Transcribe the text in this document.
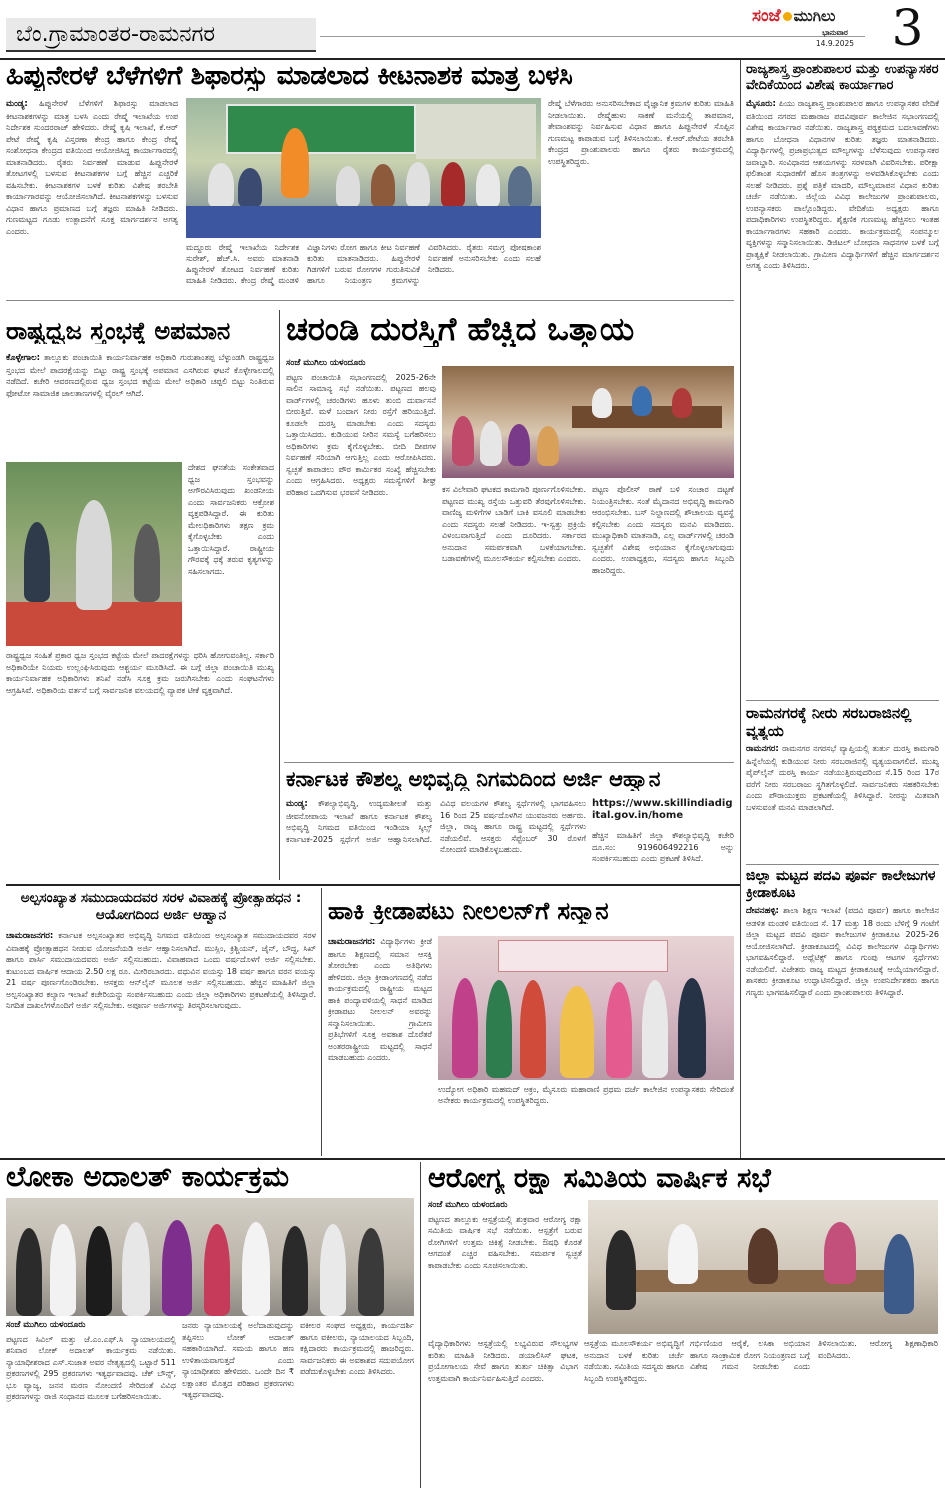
ಬೆಂ.ಗ್ರಾಮಾಂತರ-ರಾಮನಗರ
ಸಂಜೆ ಮುಗಿಲು
ಭಾನುವಾರ
14.9.2025 3
ಹಿಪ್ಪುನೇರಳೆ ಬೆಳೆಗಳಿಗೆ ಶಿಫಾರಸ್ಸು ಮಾಡಲಾದ ಕೀಟನಾಶಕ ಮಾತ್ರ ಬಳಸಿ
ಮಂಡ್ಯ: ಹಿಪ್ಪುನೇರಳೆ ಬೆಳೆಗಳಿಗೆ ಶಿಫಾರಸ್ಸು ಮಾಡಲಾದ ಕೀಟನಾಶಕಗಳನ್ನು ಮಾತ್ರ ಬಳಸಿ ಎಂದು ರೇಷ್ಮೆ ಇಲಾಖೆಯ ಉಪ ನಿರ್ದೇಶಕ ಸುಂದರರಾಜ್ ಹೇಳಿದರು. ರೇಷ್ಮೆ ಕೃಷಿ ಇಲಾಖೆ, ಕೆ.ಆರ್ ಪೇಟೆ ರೇಷ್ಮೆ ಕೃಷಿ ವಿಸ್ತರಣಾ ಕೇಂದ್ರ ಹಾಗೂ ಕೇಂದ್ರ ರೇಷ್ಮೆ ಸಂಶೋಧನಾ ಕೇಂದ್ರದ ವತಿಯಿಂದ ಆಯೋಜಿಸಿದ್ದ ಕಾರ್ಯಾಗಾರದಲ್ಲಿ ಮಾತನಾಡಿದರು. ರೈತರು ನಿರ್ವಹಣೆ ಮಾಡುವ ಹಿಪ್ಪುನೇರಳೆ ತೋಟಗಳಲ್ಲಿ ಬಳಸುವ ಕೀಟನಾಶಕಗಳ ಬಗ್ಗೆ ಹೆಚ್ಚಿನ ಎಚ್ಚರಿಕೆ ವಹಿಸಬೇಕು. ಕೀಟನಾಶಕಗಳ ಬಳಕೆ ಕುರಿತು ವಿಶೇಷ ತರಬೇತಿ ಕಾರ್ಯಾಗಾರವನ್ನು ಆಯೋಜಿಸಲಾಗಿದೆ. ಕೀಟನಾಶಕಗಳನ್ನು ಬಳಸುವ ವಿಧಾನ ಹಾಗೂ ಪ್ರಮಾಣದ ಬಗ್ಗೆ ತಜ್ಞರು ಮಾಹಿತಿ ನೀಡಿದರು. ಗುಣಮಟ್ಟದ ಗೂಡು ಉತ್ಪಾದನೆಗೆ ಸೂಕ್ತ ಮಾರ್ಗದರ್ಶನ ಅಗತ್ಯ ಎಂದರು.
ಮದ್ದೂರು ರೇಷ್ಮೆ ಇಲಾಖೆಯ ನಿರ್ದೇಶಕ ಸುರೇಶ್, ಹೆಚ್.ಸಿ. ಅವರು ಮಾತನಾಡಿ ಹಿಪ್ಪುನೇರಳೆ ತೋಟದ ನಿರ್ವಹಣೆ ಕುರಿತು ಮಾಹಿತಿ ನೀಡಿದರು. ಕೇಂದ್ರ ರೇಷ್ಮೆ ಮಂಡಳಿ ವಿಜ್ಞಾನಿಗಳು ರೋಗ ಹಾಗೂ ಕೀಟ ನಿರ್ವಹಣೆ ಕುರಿತು ಮಾತನಾಡಿದರು. ಹಿಪ್ಪುನೇರಳೆ ಗಿಡಗಳಿಗೆ ಬರುವ ರೋಗಗಳ ಗುರುತಿಸುವಿಕೆ ಹಾಗೂ ನಿಯಂತ್ರಣ ಕ್ರಮಗಳನ್ನು ವಿವರಿಸಿದರು. ರೈತರು ಸಮಗ್ರ ಪೋಷಕಾಂಶ ನಿರ್ವಹಣೆ ಅನುಸರಿಸಬೇಕು ಎಂದು ಸಲಹೆ ನೀಡಿದರು.
ರೇಷ್ಮೆ ಬೆಳೆಗಾರರು ಅನುಸರಿಸಬೇಕಾದ ವೈಜ್ಞಾನಿಕ ಕ್ರಮಗಳ ಕುರಿತು ಮಾಹಿತಿ ನೀಡಲಾಯಿತು. ರೇಷ್ಮೆಹುಳು ಸಾಕಣೆ ಮನೆಯಲ್ಲಿ ತಾಪಮಾನ, ತೇವಾಂಶವನ್ನು ನಿರ್ವಹಿಸುವ ವಿಧಾನ ಹಾಗೂ ಹಿಪ್ಪುನೇರಳೆ ಸೊಪ್ಪಿನ ಗುಣಮಟ್ಟ ಕಾಪಾಡುವ ಬಗ್ಗೆ ತಿಳಿಸಲಾಯಿತು. ಕೆ.ಆರ್.ಪೇಟೆಯ ತರಬೇತಿ ಕೇಂದ್ರದ ಪ್ರಾಂಶುಪಾಲರು ಹಾಗೂ ರೈತರು ಕಾರ್ಯಕ್ರಮದಲ್ಲಿ ಉಪಸ್ಥಿತರಿದ್ದರು.
ರಾಷ್ಟ್ರಧ್ವಜ ಸ್ತಂಭಕ್ಕೆ ಅಪಮಾನ
ಕೊಳ್ಳೇಗಾಲ: ತಾಲ್ಲೂಕು ಪಂಚಾಯಿತಿ ಕಾರ್ಯನಿರ್ವಾಹಕ ಅಧಿಕಾರಿ ಗುರುಶಾಂತಪ್ಪ ಬೆಳ್ಳುಂಡಗಿ ರಾಷ್ಟ್ರಧ್ವಜ ಸ್ತಂಭದ ಮೇಲೆ ಪಾದರಕ್ಷೆಯನ್ನು ಬಿಟ್ಟು ರಾಷ್ಟ್ರ ಸ್ತಂಭಕ್ಕೆ ಅಪಮಾನ ಎಸಗಿರುವ ಘಟನೆ ಕೊಳ್ಳೇಗಾಲದಲ್ಲಿ ನಡೆದಿದೆ. ಕಚೇರಿ ಆವರಣದಲ್ಲಿರುವ ಧ್ವಜ ಸ್ತಂಭದ ಕಟ್ಟೆಯ ಮೇಲೆ ಅಧಿಕಾರಿ ಚಪ್ಪಲಿ ಬಿಟ್ಟು ನಿಂತಿರುವ ಫೋಟೋ ಸಾಮಾಜಿಕ ಜಾಲತಾಣಗಳಲ್ಲಿ ವೈರಲ್ ಆಗಿದೆ.
ದೇಶದ ಘನತೆಯ ಸಂಕೇತವಾದ ಧ್ವಜ ಸ್ತಂಭವನ್ನು ಅಗೌರವಿಸಿರುವುದು ಖಂಡನೀಯ ಎಂದು ಸಾರ್ವಜನಿಕರು ಆಕ್ರೋಶ ವ್ಯಕ್ತಪಡಿಸಿದ್ದಾರೆ. ಈ ಕುರಿತು ಮೇಲಧಿಕಾರಿಗಳು ತಕ್ಷಣ ಕ್ರಮ ಕೈಗೊಳ್ಳಬೇಕು ಎಂದು ಒತ್ತಾಯಿಸಿದ್ದಾರೆ. ರಾಷ್ಟ್ರೀಯ ಗೌರವಕ್ಕೆ ಧಕ್ಕೆ ತರುವ ಕೃತ್ಯಗಳನ್ನು ಸಹಿಸಲಾಗದು.
ರಾಷ್ಟ್ರಧ್ವಜ ಸಂಹಿತೆ ಪ್ರಕಾರ ಧ್ವಜ ಸ್ತಂಭದ ಕಟ್ಟೆಯ ಮೇಲೆ ಪಾದರಕ್ಷೆಗಳನ್ನು ಧರಿಸಿ ಹೋಗುವಂತಿಲ್ಲ. ಸರ್ಕಾರಿ ಅಧಿಕಾರಿಯೇ ನಿಯಮ ಉಲ್ಲಂಘಿಸಿರುವುದು ಆಶ್ಚರ್ಯ ಮೂಡಿಸಿದೆ. ಈ ಬಗ್ಗೆ ಜಿಲ್ಲಾ ಪಂಚಾಯಿತಿ ಮುಖ್ಯ ಕಾರ್ಯನಿರ್ವಾಹಕ ಅಧಿಕಾರಿಗಳು ತನಿಖೆ ನಡೆಸಿ ಸೂಕ್ತ ಕ್ರಮ ಜರುಗಿಸಬೇಕು ಎಂದು ಸಂಘಟನೆಗಳು ಆಗ್ರಹಿಸಿವೆ. ಅಧಿಕಾರಿಯ ವರ್ತನೆ ಬಗ್ಗೆ ಸಾರ್ವಜನಿಕ ವಲಯದಲ್ಲಿ ವ್ಯಾಪಕ ಟೀಕೆ ವ್ಯಕ್ತವಾಗಿದೆ.
ಚರಂಡಿ ದುರಸ್ತಿಗೆ ಹೆಚ್ಚಿದ ಒತ್ತಾಯ
ಸಂಜೆ ಮುಗಿಲು ಯಳಂದೂರು
ಪಟ್ಟಣ ಪಂಚಾಯಿತಿ ಸಭಾಂಗಣದಲ್ಲಿ 2025-26ನೇ ಸಾಲಿನ ಸಾಮಾನ್ಯ ಸಭೆ ನಡೆಯಿತು. ಪಟ್ಟಣದ ಹಲವು ವಾರ್ಡ್‌ಗಳಲ್ಲಿ ಚರಂಡಿಗಳು ಹೂಳು ತುಂಬಿ ದುರ್ವಾಸನೆ ಬೀರುತ್ತಿವೆ. ಮಳೆ ಬಂದಾಗ ನೀರು ರಸ್ತೆಗೆ ಹರಿಯುತ್ತಿದೆ. ಕೂಡಲೇ ದುರಸ್ತಿ ಮಾಡಬೇಕು ಎಂದು ಸದಸ್ಯರು ಒತ್ತಾಯಿಸಿದರು. ಕುಡಿಯುವ ನೀರಿನ ಸಮಸ್ಯೆ ಬಗೆಹರಿಸಲು ಅಧಿಕಾರಿಗಳು ಕ್ರಮ ಕೈಗೊಳ್ಳಬೇಕು. ಬೀದಿ ದೀಪಗಳ ನಿರ್ವಹಣೆ ಸರಿಯಾಗಿ ಆಗುತ್ತಿಲ್ಲ ಎಂದು ಆರೋಪಿಸಿದರು. ಸ್ವಚ್ಛತೆ ಕಾಪಾಡಲು ಪೌರ ಕಾರ್ಮಿಕರ ಸಂಖ್ಯೆ ಹೆಚ್ಚಿಸಬೇಕು ಎಂದು ಆಗ್ರಹಿಸಿದರು. ಅಧ್ಯಕ್ಷರು ಸಮಸ್ಯೆಗಳಿಗೆ ಶೀಘ್ರ ಪರಿಹಾರ ಒದಗಿಸುವ ಭರವಸೆ ನೀಡಿದರು.	ಕಸ ವಿಲೇವಾರಿ ಘಟಕದ ಕಾಮಗಾರಿ ಪೂರ್ಣಗೊಳಿಸಬೇಕು. ಪಟ್ಟಣದ ಮುಖ್ಯ ರಸ್ತೆಯ ಒತ್ತುವರಿ ತೆರವುಗೊಳಿಸಬೇಕು. ವಾಣಿಜ್ಯ ಮಳಿಗೆಗಳ ಬಾಡಿಗೆ ಬಾಕಿ ವಸೂಲಿ ಮಾಡಬೇಕು ಎಂದು ಸದಸ್ಯರು ಸಲಹೆ ನೀಡಿದರು. ಇ-ಸ್ವತ್ತು ಪ್ರಕ್ರಿಯೆ ವಿಳಂಬವಾಗುತ್ತಿದೆ ಎಂದು ದೂರಿದರು. ಸರ್ಕಾರದ ಅನುದಾನ ಸಮರ್ಪಕವಾಗಿ ಬಳಕೆಯಾಗಬೇಕು. ಬಡಾವಣೆಗಳಲ್ಲಿ ಮೂಲಸೌಕರ್ಯ ಕಲ್ಪಿಸಬೇಕು ಎಂದರು.
ಪಟ್ಟಣ ಪೊಲೀಸ್ ಠಾಣೆ ಬಳಿ ಸಂಚಾರ ದಟ್ಟಣೆ ನಿಯಂತ್ರಿಸಬೇಕು. ಸಂತೆ ಮೈದಾನದ ಅಭಿವೃದ್ಧಿ ಕಾಮಗಾರಿ ಆರಂಭಿಸಬೇಕು. ಬಸ್ ನಿಲ್ದಾಣದಲ್ಲಿ ಶೌಚಾಲಯ ವ್ಯವಸ್ಥೆ ಕಲ್ಪಿಸಬೇಕು ಎಂದು ಸದಸ್ಯರು ಮನವಿ ಮಾಡಿದರು. ಮುಖ್ಯಾಧಿಕಾರಿ ಮಾತನಾಡಿ, ಎಲ್ಲ ವಾರ್ಡ್‌ಗಳಲ್ಲಿ ಚರಂಡಿ ಸ್ವಚ್ಛತೆಗೆ ವಿಶೇಷ ಅಭಿಯಾನ ಕೈಗೊಳ್ಳಲಾಗುವುದು ಎಂದರು. ಉಪಾಧ್ಯಕ್ಷರು, ಸದಸ್ಯರು ಹಾಗೂ ಸಿಬ್ಬಂದಿ ಹಾಜರಿದ್ದರು.
ಕರ್ನಾಟಕ ಕೌಶಲ್ಯ ಅಭಿವೃದ್ಧಿ ನಿಗಮದಿಂದ ಅರ್ಜಿ ಆಹ್ವಾನ
ಮಂಡ್ಯ: ಕೌಶಲ್ಯಾಭಿವೃದ್ಧಿ, ಉದ್ಯಮಶೀಲತೆ ಮತ್ತು ಜೀವನೋಪಾಯ ಇಲಾಖೆ ಹಾಗೂ ಕರ್ನಾಟಕ ಕೌಶಲ್ಯ ಅಭಿವೃದ್ಧಿ ನಿಗಮದ ವತಿಯಿಂದ ಇಂಡಿಯಾ ಸ್ಕಿಲ್ಸ್ ಕರ್ನಾಟಕ-2025 ಸ್ಪರ್ಧೆಗೆ ಅರ್ಜಿ ಆಹ್ವಾನಿಸಲಾಗಿದೆ. ವಿವಿಧ ವಲಯಗಳ ಕೌಶಲ್ಯ ಸ್ಪರ್ಧೆಗಳಲ್ಲಿ ಭಾಗವಹಿಸಲು 16 ರಿಂದ 25 ವರ್ಷದೊಳಗಿನ ಯುವಜನರು ಅರ್ಹರು. ಜಿಲ್ಲಾ, ರಾಜ್ಯ ಹಾಗೂ ರಾಷ್ಟ್ರ ಮಟ್ಟದಲ್ಲಿ ಸ್ಪರ್ಧೆಗಳು ನಡೆಯಲಿವೆ. ಆಸಕ್ತರು ಸೆಪ್ಟೆಂಬರ್ 30 ರೊಳಗೆ ನೋಂದಣಿ ಮಾಡಿಕೊಳ್ಳಬಹುದು.
https://www.skillindiadigital.gov.in/home
ಹೆಚ್ಚಿನ ಮಾಹಿತಿಗೆ ಜಿಲ್ಲಾ ಕೌಶಲ್ಯಾಭಿವೃದ್ಧಿ ಕಚೇರಿ ದೂ.ಸಂ: 919606492216 ಅನ್ನು ಸಂಪರ್ಕಿಸಬಹುದು ಎಂದು ಪ್ರಕಟಣೆ ತಿಳಿಸಿದೆ.
ರಾಜ್ಯಶಾಸ್ತ್ರ ಪ್ರಾಂಶುಪಾಲರ ಮತ್ತು ಉಪನ್ಯಾಸಕರ ವೇದಿಕೆಯಿಂದ ವಿಶೇಷ ಕಾರ್ಯಾಗಾರ
ಮೈಸೂರು: ಪಿಯು ರಾಜ್ಯಶಾಸ್ತ್ರ ಪ್ರಾಂಶುಪಾಲರ ಹಾಗೂ ಉಪನ್ಯಾಸಕರ ವೇದಿಕೆ ವತಿಯಿಂದ ನಗರದ ಮಹಾರಾಜ ಪದವಿಪೂರ್ವ ಕಾಲೇಜಿನ ಸಭಾಂಗಣದಲ್ಲಿ ವಿಶೇಷ ಕಾರ್ಯಾಗಾರ ನಡೆಯಿತು. ರಾಜ್ಯಶಾಸ್ತ್ರ ಪಠ್ಯಕ್ರಮದ ಬದಲಾವಣೆಗಳು ಹಾಗೂ ಬೋಧನಾ ವಿಧಾನಗಳ ಕುರಿತು ತಜ್ಞರು ಮಾತನಾಡಿದರು. ವಿದ್ಯಾರ್ಥಿಗಳಲ್ಲಿ ಪ್ರಜಾಪ್ರಭುತ್ವದ ಮೌಲ್ಯಗಳನ್ನು ಬೆಳೆಸುವುದು ಉಪನ್ಯಾಸಕರ ಜವಾಬ್ದಾರಿ. ಸಂವಿಧಾನದ ಆಶಯಗಳನ್ನು ಸರಳವಾಗಿ ವಿವರಿಸಬೇಕು. ಪರೀಕ್ಷಾ ಫಲಿತಾಂಶ ಸುಧಾರಣೆಗೆ ಹೊಸ ತಂತ್ರಗಳನ್ನು ಅಳವಡಿಸಿಕೊಳ್ಳಬೇಕು ಎಂದು ಸಲಹೆ ನೀಡಿದರು. ಪ್ರಶ್ನೆ ಪತ್ರಿಕೆ ಮಾದರಿ, ಮೌಲ್ಯಮಾಪನ ವಿಧಾನ ಕುರಿತು ಚರ್ಚೆ ನಡೆಯಿತು. ಜಿಲ್ಲೆಯ ವಿವಿಧ ಕಾಲೇಜುಗಳ ಪ್ರಾಂಶುಪಾಲರು, ಉಪನ್ಯಾಸಕರು ಪಾಲ್ಗೊಂಡಿದ್ದರು. ವೇದಿಕೆಯ ಅಧ್ಯಕ್ಷರು ಹಾಗೂ ಪದಾಧಿಕಾರಿಗಳು ಉಪಸ್ಥಿತರಿದ್ದರು. ಶೈಕ್ಷಣಿಕ ಗುಣಮಟ್ಟ ಹೆಚ್ಚಿಸಲು ಇಂತಹ ಕಾರ್ಯಾಗಾರಗಳು ಸಹಕಾರಿ ಎಂದರು. ಕಾರ್ಯಕ್ರಮದಲ್ಲಿ ಸಂಪನ್ಮೂಲ ವ್ಯಕ್ತಿಗಳನ್ನು ಸನ್ಮಾನಿಸಲಾಯಿತು. ಡಿಜಿಟಲ್ ಬೋಧನಾ ಸಾಧನಗಳ ಬಳಕೆ ಬಗ್ಗೆ ಪ್ರಾತ್ಯಕ್ಷಿಕೆ ನೀಡಲಾಯಿತು. ಗ್ರಾಮೀಣ ವಿದ್ಯಾರ್ಥಿಗಳಿಗೆ ಹೆಚ್ಚಿನ ಮಾರ್ಗದರ್ಶನ ಅಗತ್ಯ ಎಂದು ತಿಳಿಸಿದರು.
ರಾಮನಗರಕ್ಕೆ ನೀರು ಸರಬರಾಜಿನಲ್ಲಿ ವ್ಯತ್ಯಯ
ರಾಮನಗರ: ರಾಮನಗರ ನಗರಸಭೆ ವ್ಯಾಪ್ತಿಯಲ್ಲಿ ತುರ್ತು ದುರಸ್ತಿ ಕಾಮಗಾರಿ ಹಿನ್ನೆಲೆಯಲ್ಲಿ ಕುಡಿಯುವ ನೀರು ಸರಬರಾಜಿನಲ್ಲಿ ವ್ಯತ್ಯಯವಾಗಲಿದೆ. ಮುಖ್ಯ ಪೈಪ್‌ಲೈನ್ ದುರಸ್ತಿ ಕಾರ್ಯ ನಡೆಯುತ್ತಿರುವುದರಿಂದ ಸೆ.15 ರಿಂದ 17ರ ವರೆಗೆ ನೀರು ಸರಬರಾಜು ಸ್ಥಗಿತಗೊಳ್ಳಲಿದೆ. ಸಾರ್ವಜನಿಕರು ಸಹಕರಿಸಬೇಕು ಎಂದು ಪೌರಾಯುಕ್ತರು ಪ್ರಕಟಣೆಯಲ್ಲಿ ತಿಳಿಸಿದ್ದಾರೆ. ನೀರನ್ನು ಮಿತವಾಗಿ ಬಳಸುವಂತೆ ಮನವಿ ಮಾಡಲಾಗಿದೆ.
ಜಿಲ್ಲಾ ಮಟ್ಟದ ಪದವಿ ಪೂರ್ವ ಕಾಲೇಜುಗಳ ಕ್ರೀಡಾಕೂಟ
ದೇವನಹಳ್ಳಿ: ಶಾಲಾ ಶಿಕ್ಷಣ ಇಲಾಖೆ (ಪದವಿ ಪೂರ್ವ) ಹಾಗೂ ಕಾಲೇಜಿನ ಆಡಳಿತ ಮಂಡಳಿ ವತಿಯಿಂದ ಸೆ. 17 ಮತ್ತು 18 ರಂದು ಬೆಳಿಗ್ಗೆ 9 ಗಂಟೆಗೆ ಜಿಲ್ಲಾ ಮಟ್ಟದ ಪದವಿ ಪೂರ್ವ ಕಾಲೇಜುಗಳ ಕ್ರೀಡಾಕೂಟ 2025-26 ಆಯೋಜಿಸಲಾಗಿದೆ. ಕ್ರೀಡಾಕೂಟದಲ್ಲಿ ವಿವಿಧ ಕಾಲೇಜುಗಳ ವಿದ್ಯಾರ್ಥಿಗಳು ಭಾಗವಹಿಸಲಿದ್ದಾರೆ. ಅಥ್ಲೆಟಿಕ್ಸ್ ಹಾಗೂ ಗುಂಪು ಆಟಗಳ ಸ್ಪರ್ಧೆಗಳು ನಡೆಯಲಿವೆ. ವಿಜೇತರು ರಾಜ್ಯ ಮಟ್ಟದ ಕ್ರೀಡಾಕೂಟಕ್ಕೆ ಆಯ್ಕೆಯಾಗಲಿದ್ದಾರೆ. ಶಾಸಕರು ಕ್ರೀಡಾಕೂಟ ಉದ್ಘಾಟಿಸಲಿದ್ದಾರೆ. ಜಿಲ್ಲಾ ಉಪನಿರ್ದೇಶಕರು ಹಾಗೂ ಗಣ್ಯರು ಭಾಗವಹಿಸಲಿದ್ದಾರೆ ಎಂದು ಪ್ರಾಂಶುಪಾಲರು ತಿಳಿಸಿದ್ದಾರೆ.
ಅಲ್ಪಸಂಖ್ಯಾತ ಸಮುದಾಯದವರ ಸರಳ ವಿವಾಹಕ್ಕೆ ಪ್ರೋತ್ಸಾಹಧನ : ಆಯೋಗದಿಂದ ಅರ್ಜಿ ಆಹ್ವಾನ
ಚಾಮರಾಜನಗರ: ಕರ್ನಾಟಕ ಅಲ್ಪಸಂಖ್ಯಾತರ ಅಭಿವೃದ್ಧಿ ನಿಗಮದ ವತಿಯಿಂದ ಅಲ್ಪಸಂಖ್ಯಾತ ಸಮುದಾಯದವರ ಸರಳ ವಿವಾಹಕ್ಕೆ ಪ್ರೋತ್ಸಾಹಧನ ನೀಡುವ ಯೋಜನೆಯಡಿ ಅರ್ಜಿ ಆಹ್ವಾನಿಸಲಾಗಿದೆ. ಮುಸ್ಲಿಂ, ಕ್ರಿಶ್ಚಿಯನ್, ಜೈನ್, ಬೌದ್ಧ, ಸಿಖ್ ಹಾಗೂ ಪಾರ್ಸಿ ಸಮುದಾಯದವರು ಅರ್ಜಿ ಸಲ್ಲಿಸಬಹುದು. ವಿವಾಹವಾದ ಒಂದು ವರ್ಷದೊಳಗೆ ಅರ್ಜಿ ಸಲ್ಲಿಸಬೇಕು. ಕುಟುಂಬದ ವಾರ್ಷಿಕ ಆದಾಯ 2.50 ಲಕ್ಷ ರೂ. ಮೀರಿರಬಾರದು. ವಧುವಿನ ವಯಸ್ಸು 18 ವರ್ಷ ಹಾಗೂ ವರನ ವಯಸ್ಸು 21 ವರ್ಷ ಪೂರ್ಣಗೊಂಡಿರಬೇಕು. ಆಸಕ್ತರು ಆನ್‌ಲೈನ್ ಮೂಲಕ ಅರ್ಜಿ ಸಲ್ಲಿಸಬಹುದು. ಹೆಚ್ಚಿನ ಮಾಹಿತಿಗೆ ಜಿಲ್ಲಾ ಅಲ್ಪಸಂಖ್ಯಾತರ ಕಲ್ಯಾಣ ಇಲಾಖೆ ಕಚೇರಿಯನ್ನು ಸಂಪರ್ಕಿಸಬಹುದು ಎಂದು ಜಿಲ್ಲಾ ಅಧಿಕಾರಿಗಳು ಪ್ರಕಟಣೆಯಲ್ಲಿ ತಿಳಿಸಿದ್ದಾರೆ. ನಿಗದಿತ ದಾಖಲೆಗಳೊಂದಿಗೆ ಅರ್ಜಿ ಸಲ್ಲಿಸಬೇಕು. ಅಪೂರ್ಣ ಅರ್ಜಿಗಳನ್ನು ತಿರಸ್ಕರಿಸಲಾಗುವುದು.
ಹಾಕಿ ಕ್ರೀಡಾಪಟು ನೀಲಲನ್‌ಗೆ ಸನ್ಮಾನ
ಚಾಮರಾಜನಗರ: ವಿದ್ಯಾರ್ಥಿಗಳು ಕ್ರೀಡೆ ಹಾಗೂ ಶಿಕ್ಷಣದಲ್ಲಿ ಸಮಾನ ಆಸಕ್ತಿ ತೋರಬೇಕು ಎಂದು ಅತಿಥಿಗಳು ಹೇಳಿದರು. ಜಿಲ್ಲಾ ಕ್ರೀಡಾಂಗಣದಲ್ಲಿ ನಡೆದ ಕಾರ್ಯಕ್ರಮದಲ್ಲಿ ರಾಷ್ಟ್ರೀಯ ಮಟ್ಟದ ಹಾಕಿ ಪಂದ್ಯಾವಳಿಯಲ್ಲಿ ಸಾಧನೆ ಮಾಡಿದ ಕ್ರೀಡಾಪಟು ನೀಲಲನ್ ಅವರನ್ನು ಸನ್ಮಾನಿಸಲಾಯಿತು. ಗ್ರಾಮೀಣ ಪ್ರತಿಭೆಗಳಿಗೆ ಸೂಕ್ತ ಅವಕಾಶ ದೊರೆತರೆ ಅಂತರರಾಷ್ಟ್ರೀಯ ಮಟ್ಟದಲ್ಲಿ ಸಾಧನೆ ಮಾಡಬಹುದು ಎಂದರು.
ಉದ್ಯೋಗ ಅಧಿಕಾರಿ ಮಹಮದ್ ಅಕ್ರಂ, ಮೈಸೂರು ಮಹಾರಾಣಿ ಪ್ರಥಮ ದರ್ಜೆ ಕಾಲೇಜಿನ ಉಪನ್ಯಾಸಕರು ಸೇರಿದಂತೆ ಅನೇಕರು ಕಾರ್ಯಕ್ರಮದಲ್ಲಿ ಉಪಸ್ಥಿತರಿದ್ದರು.
ಲೋಕಾ ಅದಾಲತ್ ಕಾರ್ಯಕ್ರಮ
ಸಂಜೆ ಮುಗಿಲು ಯಳಂದೂರು
ಪಟ್ಟಣದ ಸಿವಿಲ್ ಮತ್ತು ಜೆ.ಎಂ.ಎಫ್.ಸಿ ನ್ಯಾಯಾಲಯದಲ್ಲಿ ಶನಿವಾರ ಲೋಕ್ ಅದಾಲತ್ ಕಾರ್ಯಕ್ರಮ ನಡೆಯಿತು. ನ್ಯಾಯಾಧೀಶರಾದ ಎಸ್.ಸುಜಾತ ಅವರ ನೇತೃತ್ವದಲ್ಲಿ ಒಟ್ಟಾರೆ 511 ಪ್ರಕರಣಗಳಲ್ಲಿ 295 ಪ್ರಕರಣಗಳು ಇತ್ಯರ್ಥವಾದವು. ಚೆಕ್ ಬೌನ್ಸ್, ಭೂ ವ್ಯಾಜ್ಯ, ಜನನ ಮರಣ ನೋಂದಣಿ ಸೇರಿದಂತೆ ವಿವಿಧ ಪ್ರಕರಣಗಳನ್ನು ರಾಜಿ ಸಂಧಾನದ ಮೂಲಕ ಬಗೆಹರಿಸಲಾಯಿತು.
ಜನರು ನ್ಯಾಯಾಲಯಕ್ಕೆ ಅಲೆದಾಡುವುದನ್ನು ತಪ್ಪಿಸಲು ಲೋಕ್ ಅದಾಲತ್ ಸಹಕಾರಿಯಾಗಿದೆ. ಸಮಯ ಹಾಗೂ ಹಣ ಉಳಿತಾಯವಾಗುತ್ತದೆ ಎಂದು ನ್ಯಾಯಾಧೀಶರು ಹೇಳಿದರು. ಒಂದೇ ದಿನ ₹ ಲಕ್ಷಾಂತರ ಮೊತ್ತದ ಪರಿಹಾರ ಪ್ರಕರಣಗಳು ಇತ್ಯರ್ಥವಾದವು.
ವಕೀಲರ ಸಂಘದ ಅಧ್ಯಕ್ಷರು, ಕಾರ್ಯದರ್ಶಿ ಹಾಗೂ ವಕೀಲರು, ನ್ಯಾಯಾಲಯದ ಸಿಬ್ಬಂದಿ, ಕಕ್ಷಿದಾರರು ಕಾರ್ಯಕ್ರಮದಲ್ಲಿ ಹಾಜರಿದ್ದರು. ಸಾರ್ವಜನಿಕರು ಈ ಅವಕಾಶದ ಸದುಪಯೋಗ ಪಡೆದುಕೊಳ್ಳಬೇಕು ಎಂದು ತಿಳಿಸಿದರು.
ಆರೋಗ್ಯ ರಕ್ಷಾ ಸಮಿತಿಯ ವಾರ್ಷಿಕ ಸಭೆ
ಸಂಜೆ ಮುಗಿಲು ಯಳಂದೂರು
ಪಟ್ಟಣದ ತಾಲ್ಲೂಕು ಆಸ್ಪತ್ರೆಯಲ್ಲಿ ಶುಕ್ರವಾರ ಆರೋಗ್ಯ ರಕ್ಷಾ ಸಮಿತಿಯ ವಾರ್ಷಿಕ ಸಭೆ ನಡೆಯಿತು. ಆಸ್ಪತ್ರೆಗೆ ಬರುವ ರೋಗಿಗಳಿಗೆ ಉತ್ತಮ ಚಿಕಿತ್ಸೆ ನೀಡಬೇಕು. ಔಷಧಿ ಕೊರತೆ ಆಗದಂತೆ ಎಚ್ಚರ ವಹಿಸಬೇಕು. ಸಮರ್ಪಕ ಸ್ವಚ್ಛತೆ ಕಾಪಾಡಬೇಕು ಎಂದು ಸೂಚಿಸಲಾಯಿತು.
ವೈದ್ಯಾಧಿಕಾರಿಗಳು ಆಸ್ಪತ್ರೆಯಲ್ಲಿ ಲಭ್ಯವಿರುವ ಸೌಲಭ್ಯಗಳ ಕುರಿತು ಮಾಹಿತಿ ನೀಡಿದರು. ಡಯಾಲಿಸಿಸ್ ಘಟಕ, ಪ್ರಯೋಗಾಲಯ ಸೇವೆ ಹಾಗೂ ತುರ್ತು ಚಿಕಿತ್ಸಾ ವಿಭಾಗ ಉತ್ತಮವಾಗಿ ಕಾರ್ಯನಿರ್ವಹಿಸುತ್ತಿದೆ ಎಂದರು.
ಆಸ್ಪತ್ರೆಯ ಮೂಲಸೌಕರ್ಯ ಅಭಿವೃದ್ಧಿಗೆ ಅನುದಾನ ಬಳಕೆ ಕುರಿತು ಚರ್ಚೆ ನಡೆಯಿತು. ಸಮಿತಿಯ ಸದಸ್ಯರು ಹಾಗೂ ಸಿಬ್ಬಂದಿ ಉಪಸ್ಥಿತರಿದ್ದರು.
ಗರ್ಭಿಣಿಯರ ಆರೈಕೆ, ಲಸಿಕಾ ಅಭಿಯಾನ ಹಾಗೂ ಸಾಂಕ್ರಾಮಿಕ ರೋಗ ನಿಯಂತ್ರಣದ ಬಗ್ಗೆ ವಿಶೇಷ ಗಮನ ನೀಡಬೇಕು ಎಂದು ತಿಳಿಸಲಾಯಿತು. ಆರೋಗ್ಯ ಶಿಕ್ಷಣಾಧಿಕಾರಿ ವಂದಿಸಿದರು.
